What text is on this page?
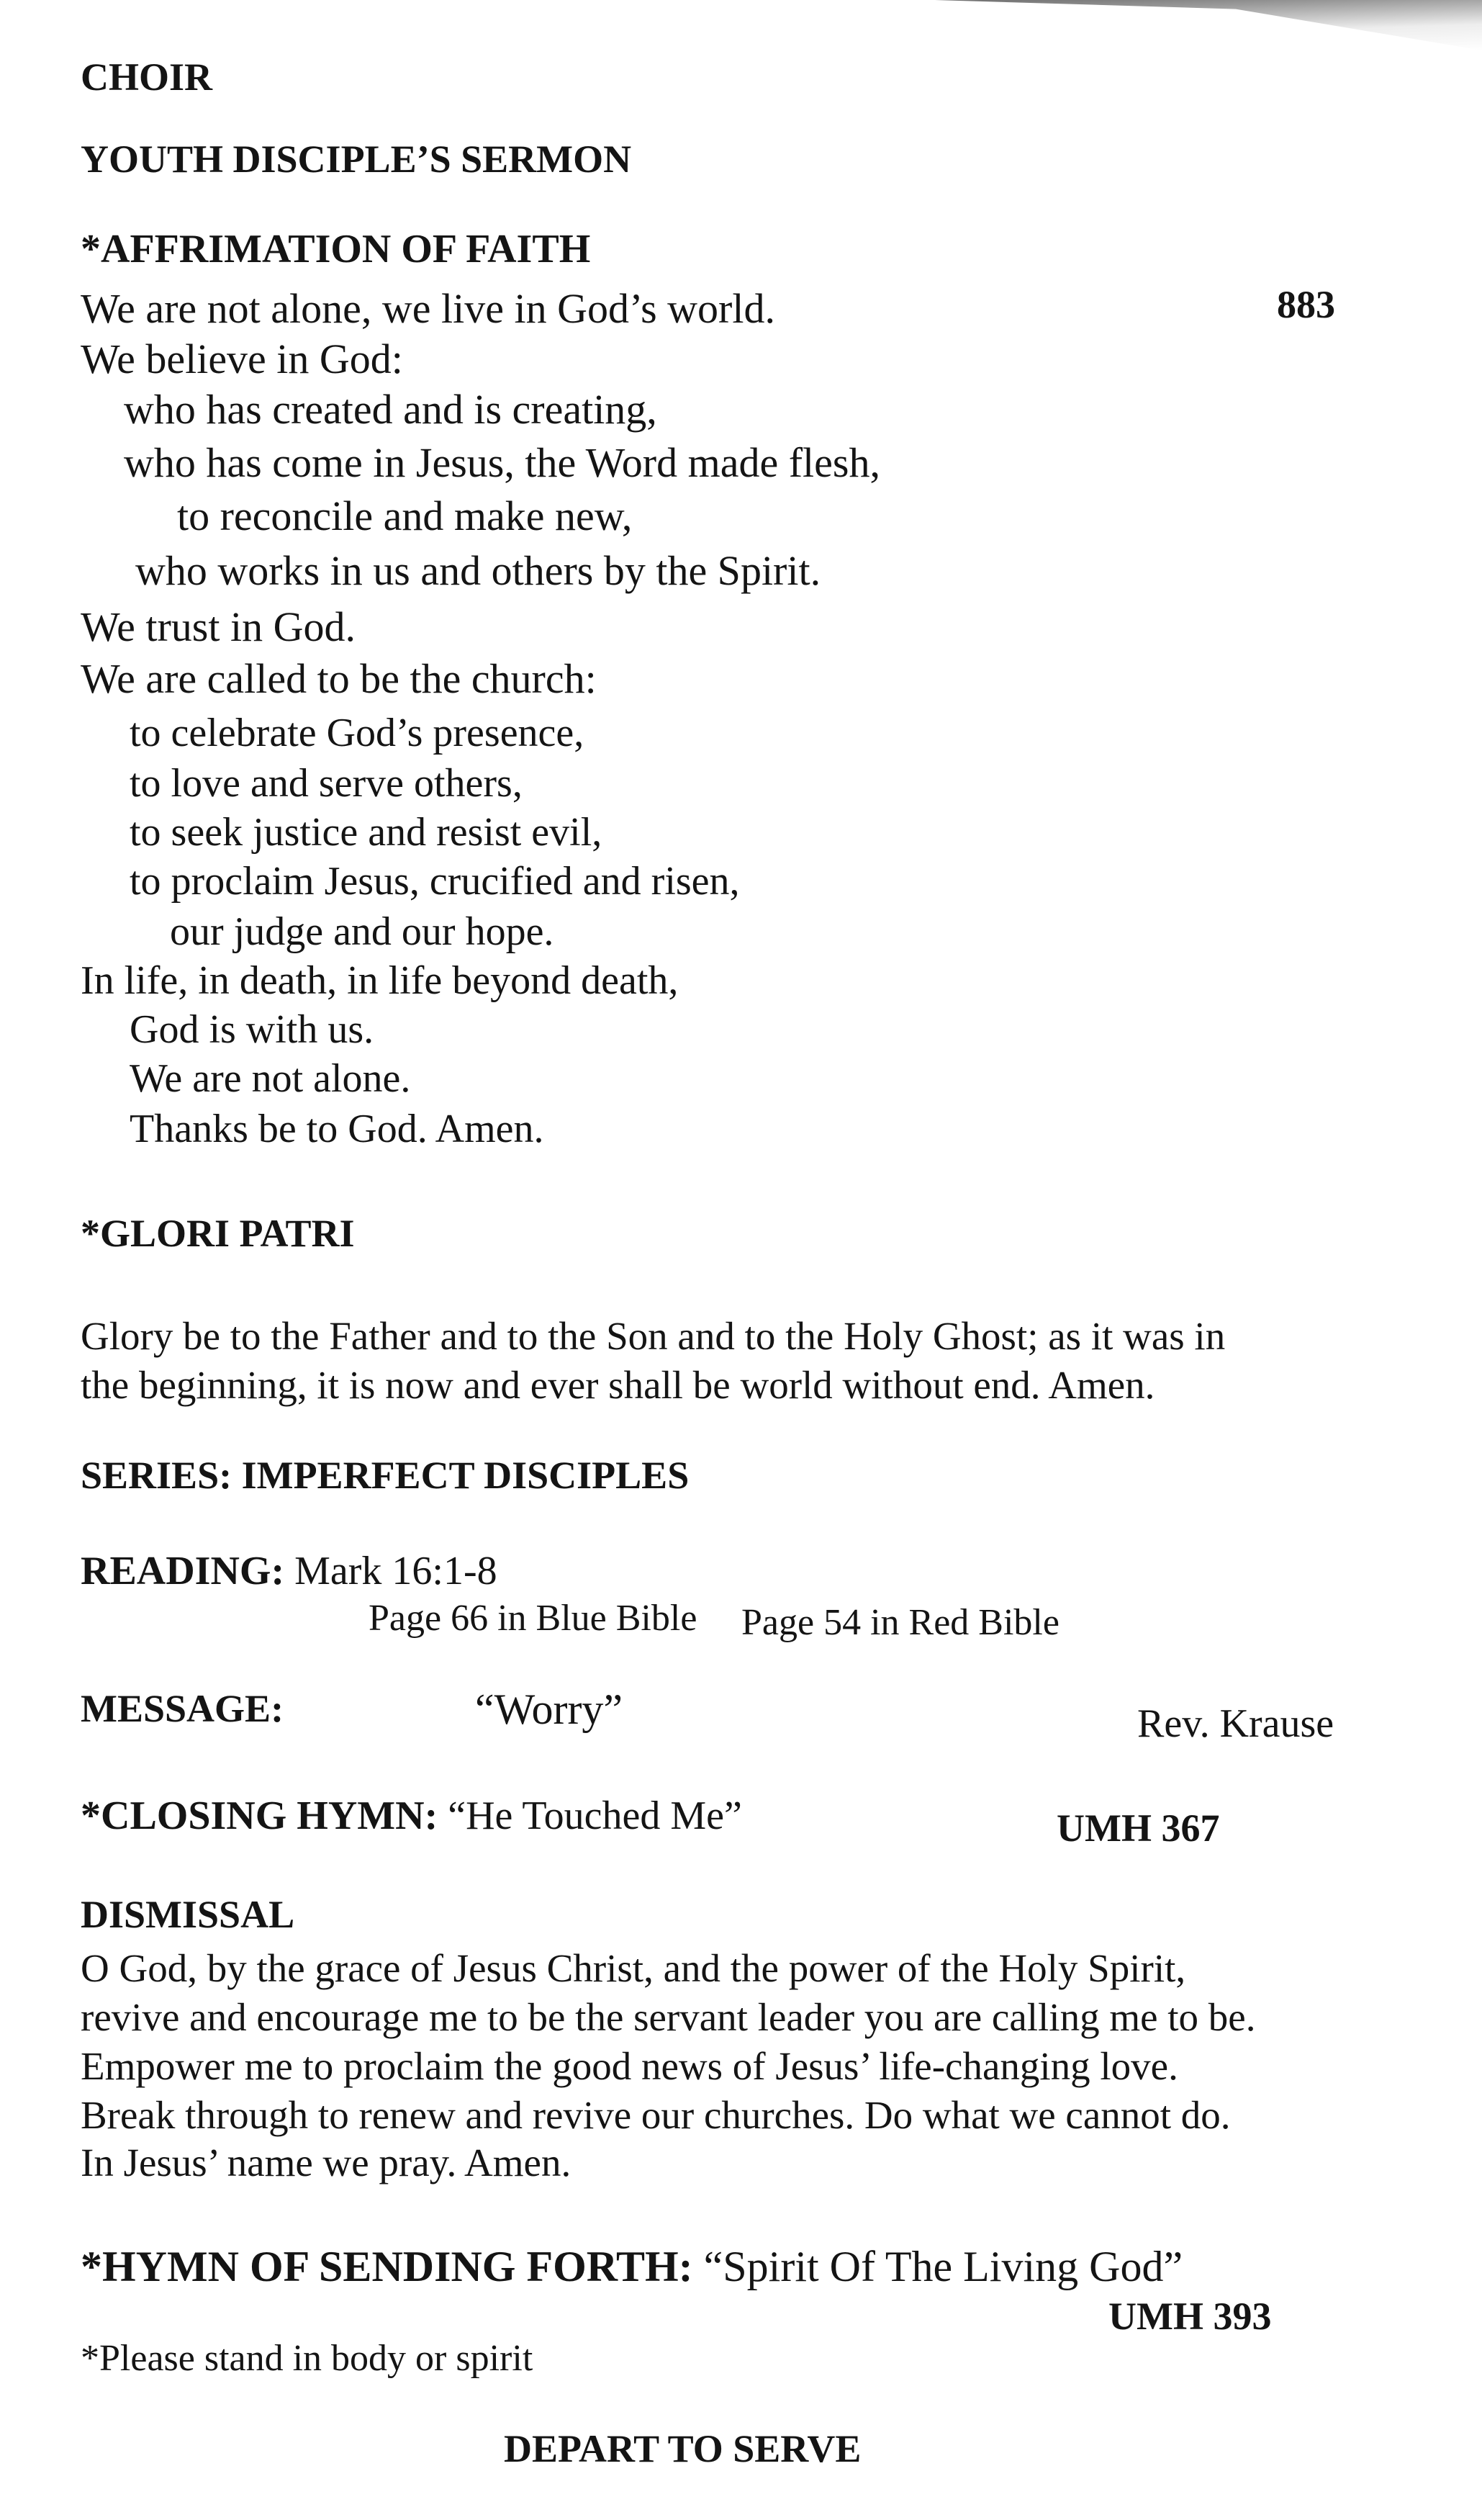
CHOIR
YOUTH DISCIPLE’S SERMON
*AFFRIMATION OF FAITH
883
We are not alone, we live in God’s world.
We believe in God:
who has created and is creating,
who has come in Jesus, the Word made flesh,
to reconcile and make new,
who works in us and others by the Spirit.
We trust in God.
We are called to be the church:
to celebrate God’s presence,
to love and serve others,
to seek justice and resist evil,
to proclaim Jesus, crucified and risen,
our judge and our hope.
In life, in death, in life beyond death,
God is with us.
We are not alone.
Thanks be to God. Amen.
*GLORI PATRI
Glory be to the Father and to the Son and to the Holy Ghost; as it was in
the beginning, it is now and ever shall be world without end. Amen.
SERIES: IMPERFECT DISCIPLES
READING: Mark 16:1-8
Page 66 in Blue Bible Page 54 in Red Bible
MESSAGE:	“Worry”	Rev. Krause
*CLOSING HYMN: “He Touched Me”	UMH 367
DISMISSAL
O God, by the grace of Jesus Christ, and the power of the Holy Spirit,
revive and encourage me to be the servant leader you are calling me to be.
Empower me to proclaim the good news of Jesus’ life-changing love.
Break through to renew and revive our churches. Do what we cannot do.
In Jesus’ name we pray. Amen.
*HYMN OF SENDING FORTH: “Spirit Of The Living God”
UMH 393
*Please stand in body or spirit
DEPART TO SERVE
